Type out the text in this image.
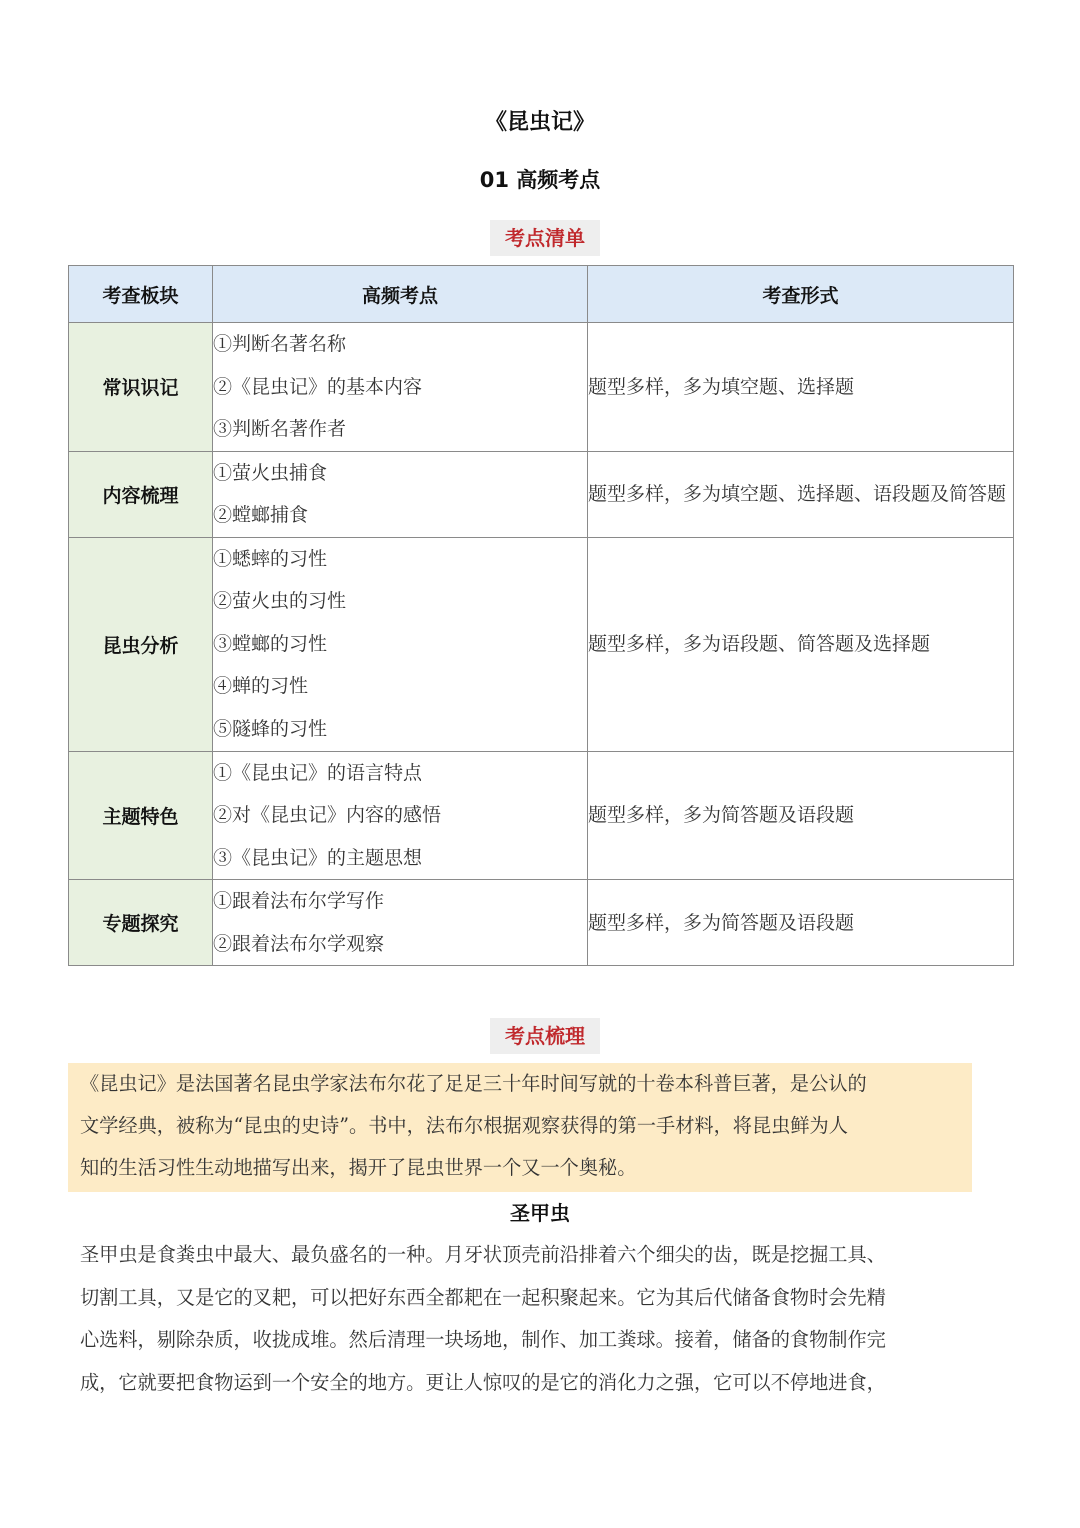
《昆虫记》
01 高频考点
考点清单
考查板块	高频考点	考查形式
常识识记	①判断名著名称
②《昆虫记》的基本内容
③判断名著作者	题型多样，多为填空题、选择题

内容梳理	①萤火虫捕食
②螳螂捕食	题型多样，多为填空题、选择题、语段题及简答题

昆虫分析	①蟋蟀的习性
②萤火虫的习性
③螳螂的习性
④蝉的习性
⑤隧蜂的习性	题型多样，多为语段题、简答题及选择题

主题特色	①《昆虫记》的语言特点
②对《昆虫记》内容的感悟
③《昆虫记》的主题思想	题型多样，多为简答题及语段题

专题探究	①跟着法布尔学写作
②跟着法布尔学观察	题型多样，多为简答题及语段题
考点梳理
《昆虫记》是法国著名昆虫学家法布尔花了足足三十年时间写就的十卷本科普巨著，是公认的
文学经典，被称为“昆虫的史诗”。书中，法布尔根据观察获得的第一手材料，将昆虫鲜为人
知的生活习性生动地描写出来，揭开了昆虫世界一个又一个奥秘。
圣甲虫
圣甲虫是食粪虫中最大、最负盛名的一种。月牙状顶壳前沿排着六个细尖的齿，既是挖掘工具、
切割工具，又是它的叉耙，可以把好东西全都耙在一起积聚起来。它为其后代储备食物时会先精
心选料，剔除杂质，收拢成堆。然后清理一块场地，制作、加工粪球。接着，储备的食物制作完
成，它就要把食物运到一个安全的地方。更让人惊叹的是它的消化力之强，它可以不停地进食，
